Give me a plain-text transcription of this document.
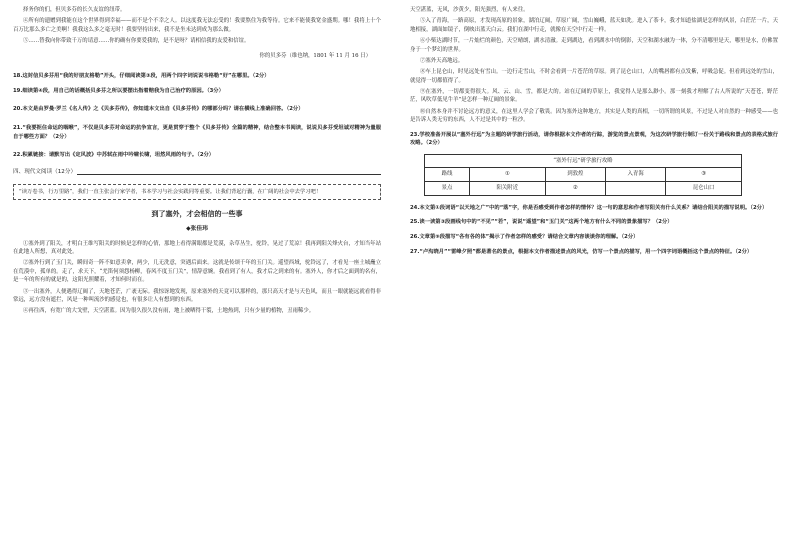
择务你的们，但贝多芬的长久友谊的纽带。

④所有的遗赠到我能在这个世界得到幸福——而不是个不幸之人。以这度我无法忘受的！我要熬住为我等待。它来不能使我宽金盛期。哪！我将上十个百万比那么多亡之美啊！我我这么多之毫无时！我要坚持出来，我不是坐未达到成为那么做。

⑤……替我向你带致千万的请意……你的确有你要爱我的，是不是呀？请相信我的友爱和信谊。

你的贝多芬（维也纳，1801 年 11 月 16 日）

18.这封信贝多芬用“我的好朋友格勒”开头，仔细阅读第③段，用两个四字词说说韦格勒“好”在哪里。（2分）

19.细读第④段，用自己的话概括贝多芬之所以要摆出指着赔我为自己治疗的原因。（3分）

20.本文是由罗曼·罗兰《名人传》之《贝多芬传》，你知道本文出自《贝多芬传》的哪部分吗？请在横线上准确回答。（2分）

21.“我要扼住命运的咽喉”，不仅是贝多芬对命运的抗争宣言，更是贯穿于整个《贝多芬传》全篇的精神，结合整本书阅读，说说贝多芬受坦诚对精神为量服自于哪些方面？（2分）

22.积累链接：请默写出《定风波》中苏轼在雨中吟啸长啸，坦然风雨的句子。（2分）

四、现代文阅读（12分）
“读万卷书，行万里路”，我们一直主张会行家学者，书本学习与社会实践同等重要。让我们背起行囊，在广阔的社会中去学习吧！
到了塞外，才会相信的一些事
◆张佳玮

①塞外到了阳关，才明白王维写阳关的时候是怎样的心情，那地上看得满眼都是荒漠，杂草丛生，驼铃，晃过了荒凉！我再到阳关烽火台，才知当年站在此地人所想，真对此处。

②塞外行到了玉门关，瞬间奇一阵不如意卖拿，两少，几无洗意，突遇后面来。这就是传颂千年的玉门关。遥望西域，驼铃远了，才看见一座土城矗立在荒漠中，孤单的。走了，求天下，“羌笛何须怨杨柳，春风不度玉门关”，情辞意婉。我看到了有人，我才后之到来的有。塞外人，你才后之面到的名有，是一年的所有的就是的，这阳光照耀着，才知何时而在。

③一出塞外，人便遇得辽阔了，天地苍茫，广袤无际。我惊讶地发现，原来塞外的天竟可以那样的，那只高天才是与天色风，而且一眼就能远就看得非常远，远方没有遮拦，风是一种叫流沙的感觉也，有很多让人有想到的东西。

④再往西，有宽广的大戈壁，天空湛蓝。因为很久很久没有雨，地上被晒得干裂，土地热到，只有少量的植物，丑雨稀少。

天空湛蓝，无风，沙黄少，阳光强烈，有人来往。

⑤入了青海，一路高原，才发现高原的景象，湖泊辽阔，草原广阔，雪山巍峨，蓝天如洗。进入了茶卡，我才知道盐湖是怎样的风景，白茫茫一片，天地相接，湖面如镜子，倒映出蓝天白云。我们在湖中行走，就像在天空中行走一样。

⑥小柴达湖时节，一片灿烂的颜色，天空晴朗，湖水清澈。走到湖边，看到湖水中的倒影，天空和湖水融为一体，分不清哪里是天，哪里是水，仿佛置身于一个梦幻的世界。

⑦塞外天高地远。

⑧车上昆仑山，时见远处有雪山。一边行走雪山，不时会看到一片苍茫的草原。到了昆仑山口，人的嘴唇都有点发紫，呼吸急促。但看到远处的雪山，就觉得一切都值得了。

⑨在塞外，一切都变得很大。风、云、山、雪，都是大的。站在辽阔的草原上，我觉得人是那么渺小。那一刻我才理解了古人所说的“天苍苍，野茫茫，风吹草低见牛羊”是怎样一种辽阔的景象。

⑩自然本身并不讨论远方的意义，在这里人学会了敬畏。因为塞外这种地方，其实是人类的真相，一切所谓的风景，不过是人对自然的一种感受——也是告诉人类无穷的东西，人不过是其中的一粒沙。

23.学校准备开展以“塞外行远”为主题的研学旅行活动，请你根据本文作者的行踪，游览的景点景观，为这次研学旅行制订一份关于路线和景点的表格式旅行攻略。（2分）

“塞外行远”研学旅行攻略				
路线	①	到敦煌	入青海	③
景点	阳关附近	②		昆仑山口

24.本文第①段词语“以天地之广”中的“落”字，你是否感受到作者怎样的情怀？这一句的意思和作者写阳关有什么关系？请结合阳关的描写说明。（2分）

25.读一读第③段画线句中的“不见”“若”，说说“遥望”和“玉门关”这两个地方有什么不同的景象描写？（2分）

26.文章第⑨段描写“各有各的体”揭示了作者怎样的感受？请结合文章内容谈谈你的理解。（2分）

27.“卢沟晓月”“雷峰夕照”都是著名的景点，根据本文作者描述景点的风光，仿写一个景点的描写，用一个四字词语概括这个景点的特征。（2分）
